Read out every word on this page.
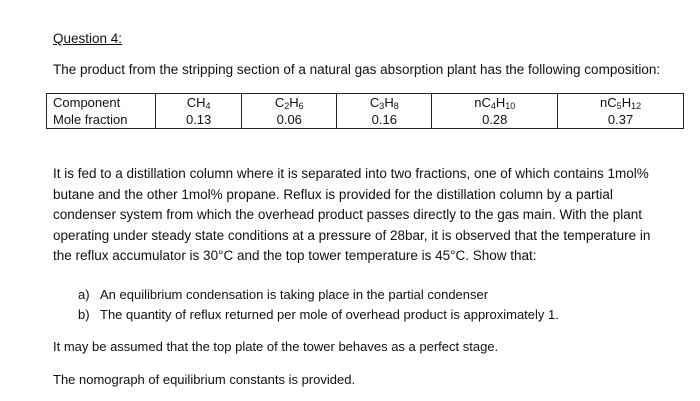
Question 4:
The product from the stripping section of a natural gas absorption plant has the following composition:
Component	$CH_4$	$C_2H_6$	$C_3H_8$	$nC_4H_{10}$	$nC_5H_{12}$
Mole fraction	0.13	0.06	0.16	0.28	0.37
It is fed to a distillation column where it is separated into two fractions, one of which contains 1mol%
butane and the other 1mol% propane. Reflux is provided for the distillation column by a partial
condenser system from which the overhead product passes directly to the gas main. With the plant
operating under steady state conditions at a pressure of 28bar, it is observed that the temperature in
the reflux accumulator is 30°C and the top tower temperature is 45°C. Show that:
a) An equilibrium condensation is taking place in the partial condenser
b) The quantity of reflux returned per mole of overhead product is approximately 1.
It may be assumed that the top plate of the tower behaves as a perfect stage.
The nomograph of equilibrium constants is provided.
